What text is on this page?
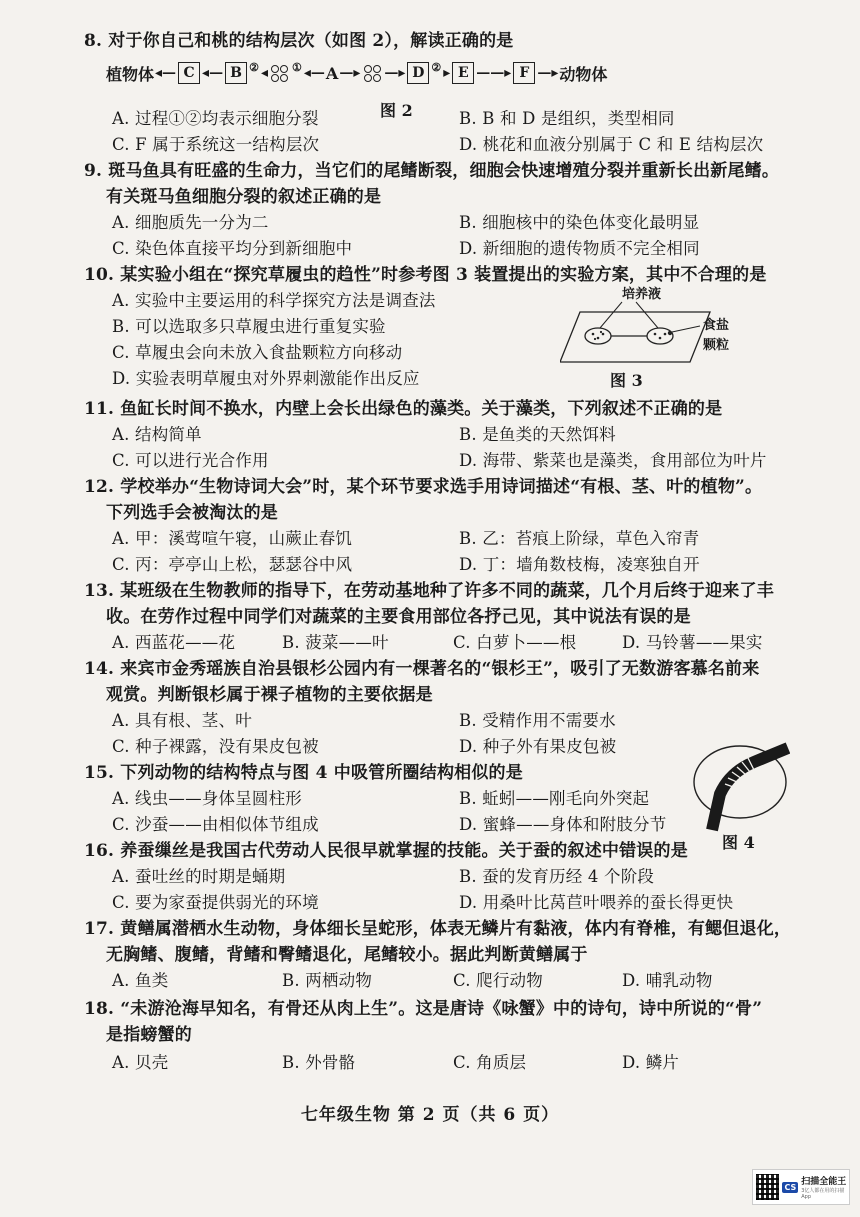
8. 对于你自己和桃的结构层次（如图 2），解读正确的是
植物体 ◂— C ◂— B ② ◂ ① ◂— A —▸ —▸ D ② ▸ E ——▸ F —▸ 动物体
图 2
A. 过程①②均表示细胞分裂	B. B 和 D 是组织，类型相同
C. F 属于系统这一结构层次	D. 桃花和血液分别属于 C 和 E 结构层次
9. 斑马鱼具有旺盛的生命力，当它们的尾鳍断裂，细胞会快速增殖分裂并重新长出新尾鳍。
有关斑马鱼细胞分裂的叙述正确的是
A. 细胞质先一分为二	B. 细胞核中的染色体变化最明显
C. 染色体直接平均分到新细胞中	D. 新细胞的遗传物质不完全相同
10. 某实验小组在“探究草履虫的趋性”时参考图 3 装置提出的实验方案，其中不合理的是
A. 实验中主要运用的科学探究方法是调查法
B. 可以选取多只草履虫进行重复实验
C. 草履虫会向未放入食盐颗粒方向移动
D. 实验表明草履虫对外界刺激能作出反应
培养液
食盐
颗粒
图 3
11. 鱼缸长时间不换水，内壁上会长出绿色的藻类。关于藻类，下列叙述不正确的是
A. 结构简单	B. 是鱼类的天然饵料
C. 可以进行光合作用	D. 海带、紫菜也是藻类，食用部位为叶片
12. 学校举办“生物诗词大会”时，某个环节要求选手用诗词描述“有根、茎、叶的植物”。
下列选手会被淘汰的是
A. 甲：溪莺喧午寝，山蕨止春饥	B. 乙：苔痕上阶绿，草色入帘青
C. 丙：亭亭山上松，瑟瑟谷中风	D. 丁：墙角数枝梅，凌寒独自开
13. 某班级在生物教师的指导下，在劳动基地种了许多不同的蔬菜，几个月后终于迎来了丰
收。在劳作过程中同学们对蔬菜的主要食用部位各抒己见，其中说法有误的是
A. 西蓝花——花	B. 菠菜——叶	C. 白萝卜——根	D. 马铃薯——果实
14. 来宾市金秀瑶族自治县银杉公园内有一棵著名的“银杉王”，吸引了无数游客慕名前来
观赏。判断银杉属于裸子植物的主要依据是
A. 具有根、茎、叶	B. 受精作用不需要水
C. 种子裸露，没有果皮包被	D. 种子外有果皮包被
15. 下列动物的结构特点与图 4 中吸管所圈结构相似的是
A. 线虫——身体呈圆柱形	B. 蚯蚓——刚毛向外突起
C. 沙蚕——由相似体节组成	D. 蜜蜂——身体和附肢分节
图 4
16. 养蚕缫丝是我国古代劳动人民很早就掌握的技能。关于蚕的叙述中错误的是
A. 蚕吐丝的时期是蛹期	B. 蚕的发育历经 4 个阶段
C. 要为家蚕提供弱光的环境	D. 用桑叶比莴苣叶喂养的蚕长得更快
17. 黄鳝属潜栖水生动物，身体细长呈蛇形，体表无鳞片有黏液，体内有脊椎，有鳃但退化，
无胸鳍、腹鳍，背鳍和臀鳍退化，尾鳍较小。据此判断黄鳝属于
A. 鱼类	B. 两栖动物	C. 爬行动物	D. 哺乳动物
18. “未游沧海早知名，有骨还从肉上生”。这是唐诗《咏蟹》中的诗句，诗中所说的“骨”
是指螃蟹的
A. 贝壳	B. 外骨骼	C. 角质层	D. 鳞片
七年级生物 第 2 页（共 6 页）
CS 扫描全能王
3亿人都在用的扫描App
